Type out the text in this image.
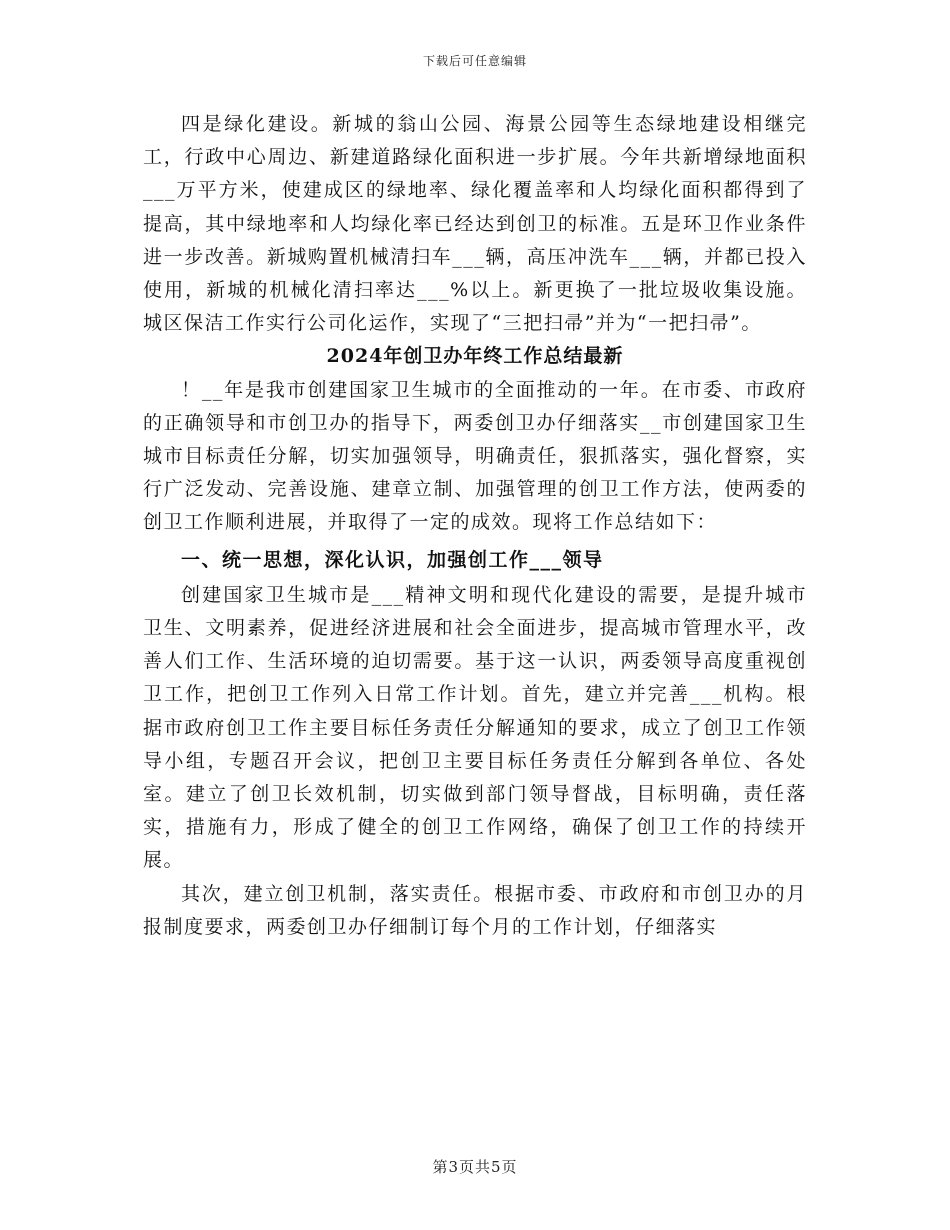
下载后可任意编辑

四是绿化建设。新城的翁山公园、海景公园等生态绿地建设相继完工，行政中心周边、新建道路绿化面积进一步扩展。今年共新增绿地面积___万平方米，使建成区的绿地率、绿化覆盖率和人均绿化面积都得到了提高，其中绿地率和人均绿化率已经达到创卫的标准。五是环卫作业条件进一步改善。新城购置机械清扫车___辆，高压冲洗车___辆，并都已投入使用，新城的机械化清扫率达___%以上。新更换了一批垃圾收集设施。城区保洁工作实行公司化运作，实现了“三把扫帚”并为“一把扫帚”。

2024年创卫办年终工作总结最新

！__年是我市创建国家卫生城市的全面推动的一年。在市委、市政府的正确领导和市创卫办的指导下，两委创卫办仔细落实__市创建国家卫生城市目标责任分解，切实加强领导，明确责任，狠抓落实，强化督察，实行广泛发动、完善设施、建章立制、加强管理的创卫工作方法，使两委的创卫工作顺利进展，并取得了一定的成效。现将工作总结如下：

一、统一思想，深化认识，加强创工作___领导

创建国家卫生城市是___精神文明和现代化建设的需要，是提升城市卫生、文明素养，促进经济进展和社会全面进步，提高城市管理水平，改善人们工作、生活环境的迫切需要。基于这一认识，两委领导高度重视创卫工作，把创卫工作列入日常工作计划。首先，建立并完善___机构。根据市政府创卫工作主要目标任务责任分解通知的要求，成立了创卫工作领导小组，专题召开会议，把创卫主要目标任务责任分解到各单位、各处室。建立了创卫长效机制，切实做到部门领导督战，目标明确，责任落实，措施有力，形成了健全的创卫工作网络，确保了创卫工作的持续开展。

其次，建立创卫机制，落实责任。根据市委、市政府和市创卫办的月报制度要求，两委创卫办仔细制订每个月的工作计划，仔细落实

第3页共5页
